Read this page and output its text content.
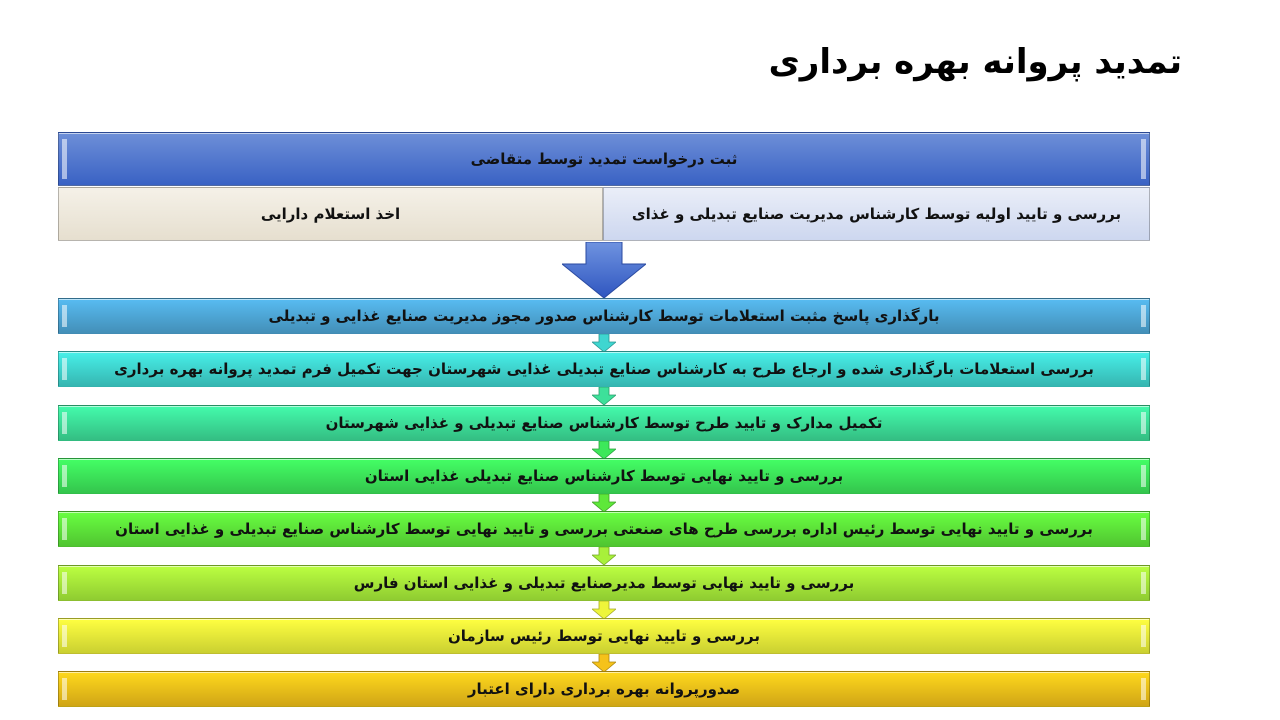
تمدید پروانه بهره برداری
ثبت درخواست تمدید توسط متقاضی
بررسی و تایید اولیه توسط کارشناس مدیریت صنایع تبدیلی و غذای
اخذ استعلام دارایی
بارگذاری پاسخ مثبت استعلامات توسط کارشناس صدور مجوز مدیریت صنایع غذایی و تبدیلی
بررسی استعلامات بارگذاری شده و ارجاع طرح به کارشناس صنایع تبدیلی غذایی شهرستان جهت تکمیل فرم تمدید پروانه بهره برداری
تکمیل مدارک و تایید طرح توسط کارشناس صنایع تبدیلی و غذایی شهرستان
بررسی و تایید نهایی توسط کارشناس صنایع تبدیلی غذایی استان
بررسی و تایید نهایی توسط رئیس اداره بررسی طرح های صنعتی بررسی و تایید نهایی توسط کارشناس صنایع تبدیلی و غذایی استان
بررسی و تایید نهایی توسط مدیرصنایع تبدیلی و غذایی استان فارس
بررسی و تایید نهایی توسط رئیس سازمان
صدورپروانه بهره برداری دارای اعتبار
